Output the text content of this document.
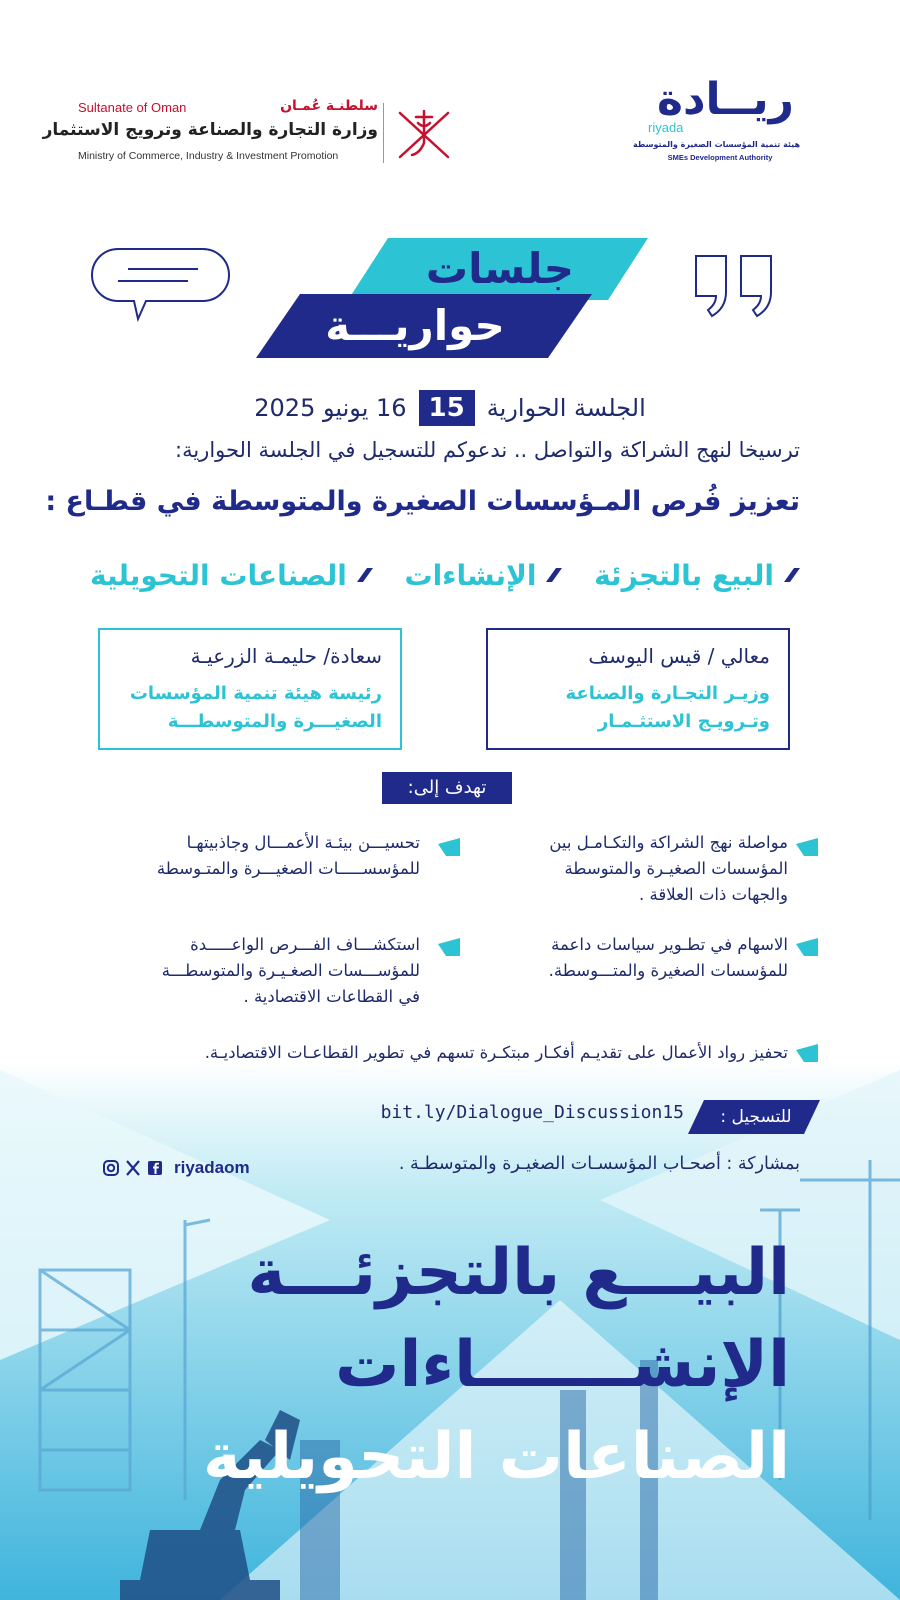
Sultanate of Oman	سلطنـة عُمـان
وزارة التجارة والصناعة وترويج الاستثمار
Ministry of Commerce, Industry & Investment Promotion
ريــادة
riyada
هيئة تنمية المؤسسات الصغيرة والمتوسطة
SMEs Development Authority
جلسات
حواريـــة
الجلسة الحوارية
15
16 يونيو 2025
ترسيخا لنهج الشراكة والتواصل .. ندعوكم للتسجيل في الجلسة الحوارية:
تعزيز فُرص المـؤسسات الصغيرة والمتوسطة في قطـاع :
البيع بالتجزئة
الإنشاءات
الصناعات التحويلية
معالي / قيس اليوسف
وزيـر التجـارة والصناعة
وتـرويـج الاستثـمـار
سعادة/ حليمـة الزرعيـة
رئيسة هيئة تنمية المؤسسات
الصغيـــرة والمتوسطـــة
تهدف إلى:
مواصلة نهج الشراكة والتكـامـل بين
المؤسسات الصغيـرة والمتوسطة
والجهات ذات العلاقة .
تحسيـــن بيئـة الأعمـــال وجاذبيتهـا
للمؤسســـــات الصغيـــرة والمتـوسطة
الاسهام في تطـوير سياسات داعمة
للمؤسسات الصغيرة والمتـــوسطة.
استكشـــاف الفـــرص الواعـــــدة
للمؤســـسات الصغـيـرة والمتوسطـــة
في القطاعات الاقتصادية .
تحفيز رواد الأعمال على تقديـم أفكـار مبتكـرة تسهم في تطوير القطاعـات الاقتصاديـة.
للتسجيل :
bit.ly/Dialogue_Discussion15
riyadaom	بمشاركة : أصحـاب المؤسسـات الصغيـرة والمتوسطـة .
البيـــع بالتجزئـــة
الإنشـــــــاءات
الصناعات التحويلية
